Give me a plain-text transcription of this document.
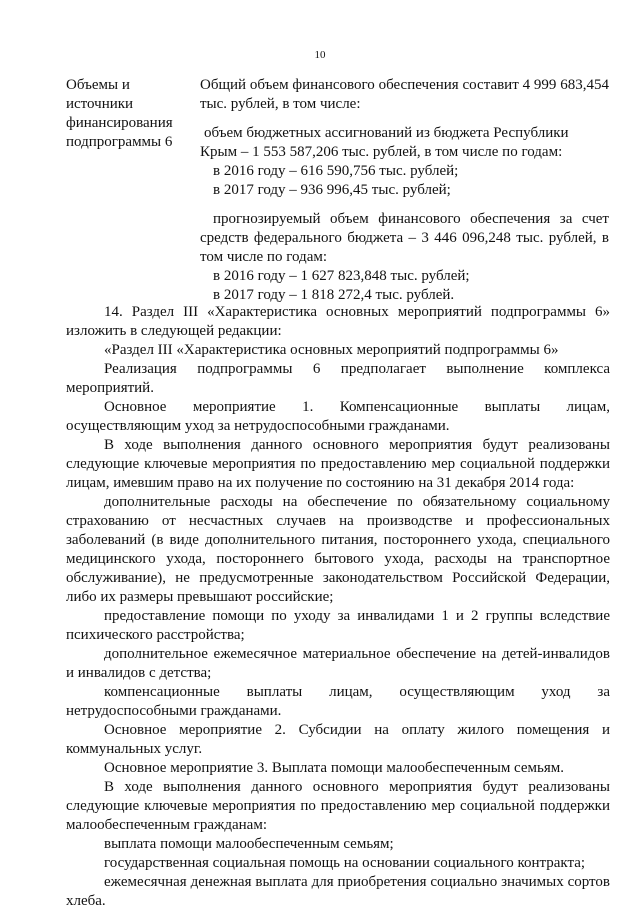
10
Объемы и источники финансирования подпрограммы 6

Общий объем финансового обеспечения составит 4 999 683,454 тыс. рублей, в том числе:

объем бюджетных ассигнований из бюджета Республики Крым – 1 553 587,206 тыс. рублей, в том числе по годам:

в 2016 году – 616 590,756 тыс. рублей;

в 2017 году – 936 996,45 тыс. рублей;

прогнозируемый объем финансового обеспечения за счет средств федерального бюджета – 3 446 096,248 тыс. рублей, в том числе по годам:

в 2016 году – 1 627 823,848 тыс. рублей;

в 2017 году – 1 818 272,4 тыс. рублей.

14. Раздел III «Характеристика основных мероприятий подпрограммы 6» изложить в следующей редакции:

«Раздел III «Характеристика основных мероприятий подпрограммы 6»

Реализация подпрограммы 6 предполагает выполнение комплекса мероприятий.

Основное мероприятие 1. Компенсационные выплаты лицам, осуществляющим уход за нетрудоспособными гражданами.

В ходе выполнения данного основного мероприятия будут реализованы следующие ключевые мероприятия по предоставлению мер социальной поддержки лицам, имевшим право на их получение по состоянию на 31 декабря 2014 года:

дополнительные расходы на обеспечение по обязательному социальному страхованию от несчастных случаев на производстве и профессиональных заболеваний (в виде дополнительного питания, постороннего ухода, специального медицинского ухода, постороннего бытового ухода, расходы на транспортное обслуживание), не предусмотренные законодательством Российской Федерации, либо их размеры превышают российские;

предоставление помощи по уходу за инвалидами 1 и 2 группы вследствие психического расстройства;

дополнительное ежемесячное материальное обеспечение на детей-инвалидов и инвалидов с детства;

компенсационные выплаты лицам, осуществляющим уход за нетрудоспособными гражданами.

Основное мероприятие 2. Субсидии на оплату жилого помещения и коммунальных услуг.

Основное мероприятие 3. Выплата помощи малообеспеченным семьям.

В ходе выполнения данного основного мероприятия будут реализованы следующие ключевые мероприятия по предоставлению мер социальной поддержки малообеспеченным гражданам:

выплата помощи малообеспеченным семьям;

государственная социальная помощь на основании социального контракта;

ежемесячная денежная выплата для приобретения социально значимых сортов хлеба.
